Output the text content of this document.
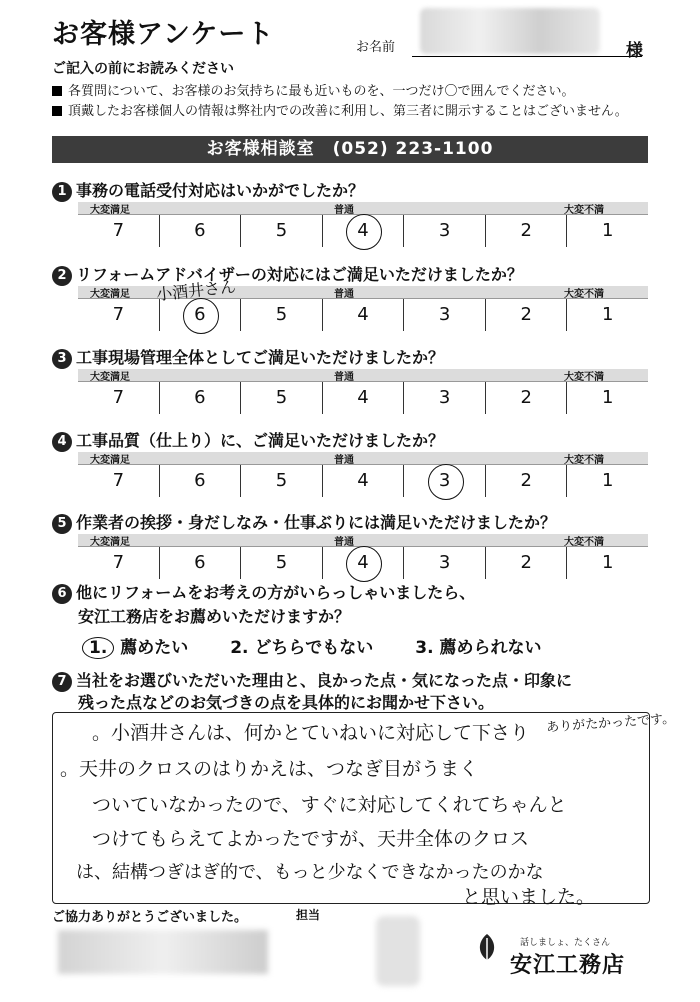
お客様アンケート	お名前	様
ご記入の前にお読みください
各質問について、お客様のお気持ちに最も近いものを、一つだけ〇で囲んでください。
頂戴したお客様個人の情報は弊社内での改善に利用し、第三者に開示することはございません。
お客様相談室　(052) 223-1100
1 事務の電話受付対応はいかがでしたか？
大変満足	普通	大変不満
7	6	5	4	3	2	1
2 リフォームアドバイザーの対応にはご満足いただけましたか？
大変満足	普通	大変不満
7	6	5	4	3	2	1
3 工事現場管理全体としてご満足いただけましたか？
大変満足	普通	大変不満
7	6	5	4	3	2	1
4 工事品質（仕上り）に、ご満足いただけましたか？
大変満足	普通	大変不満
7	6	5	4	3	2	1
5 作業者の挨拶・身だしなみ・仕事ぶりには満足いただけましたか？
大変満足	普通	大変不満
7	6	5	4	3	2	1
小酒井さん
6 他にリフォームをお考えの方がいらっしゃいましたら、
安江工務店をお薦めいただけますか？
1. 薦めたい 2. どちらでもない 3. 薦められない
7 当社をお選びいただいた理由と、良かった点・気になった点・印象に
残った点などのお気づきの点を具体的にお聞かせ下さい。
。小酒井さんは、何かとていねいに対応して下さり ありがたかったです。
。天井のクロスのはりかえは、つなぎ目がうまく
ついていなかったので、すぐに対応してくれてちゃんと
つけてもらえてよかったですが、天井全体のクロス
は、結構つぎはぎ的で、もっと少なくできなかったのかな
と思いました。
ご協力ありがとうございました。	担当
話しましょ、たくさん
安江工務店
